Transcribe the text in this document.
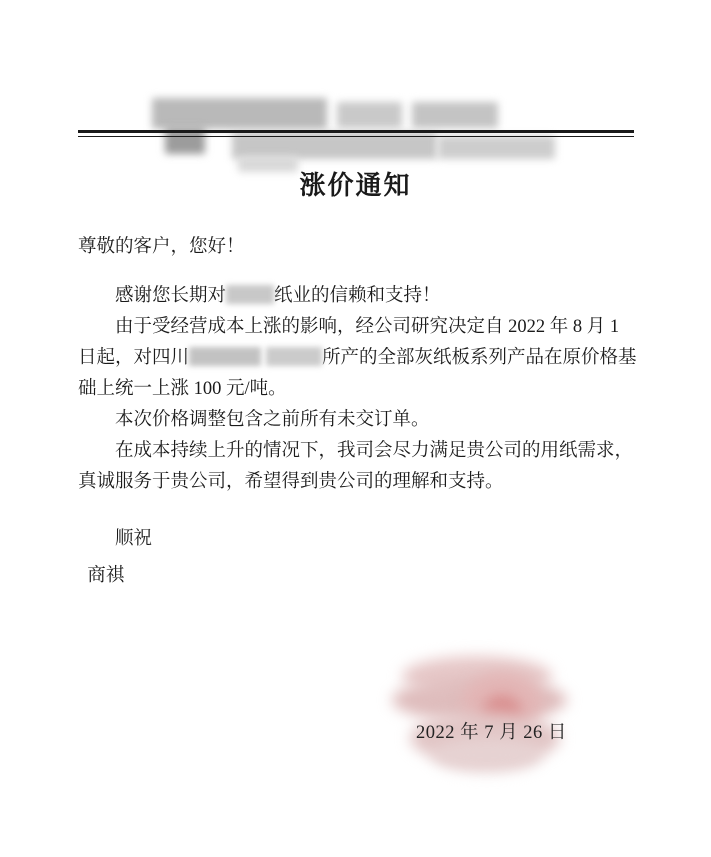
涨价通知

尊敬的客户，您好！

感谢您长期对	纸业的信赖和支持！

由于受经营成本上涨的影响，经公司研究决定自 2022 年 8 月 1 日起，对四川	所产的全部灰纸板系列产品在原价格基础上统一上涨 100 元/吨。

本次价格调整包含之前所有未交订单。

在成本持续上升的情况下，我司会尽力满足贵公司的用纸需求，真诚服务于贵公司，希望得到贵公司的理解和支持。

顺祝

商祺

2022 年 7 月 26 日
